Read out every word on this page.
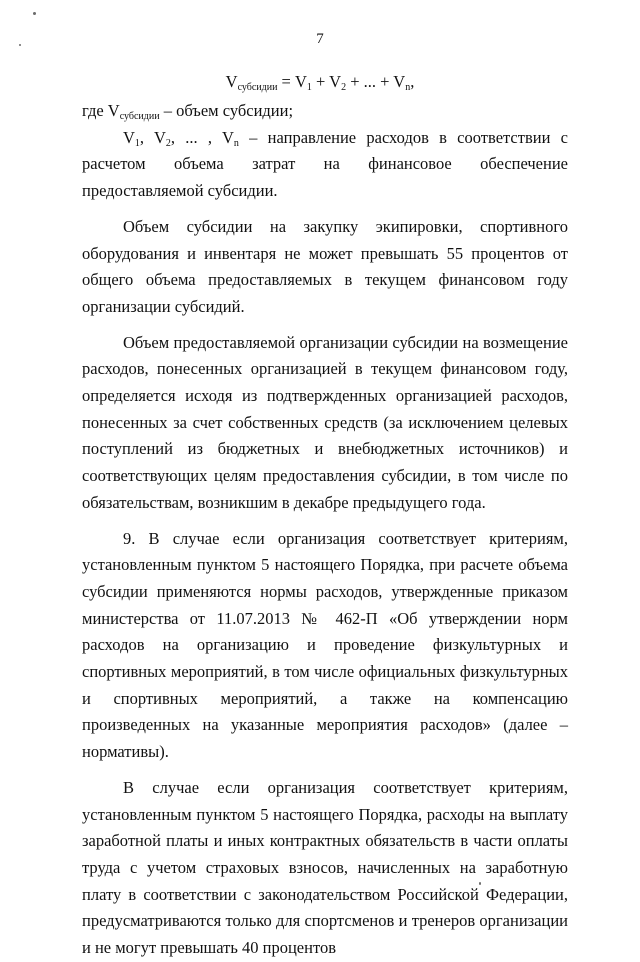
7
$V_{субсидии} = V_1 + V_2$ + ... + $V_n$,

где $V_{субсидии}$ – объем субсидии;

$V_1$, $V_2$, ... , $V_n$ – направление расходов в соответствии с расчетом объема затрат на финансовое обеспечение предоставляемой субсидии.

Объем субсидии на закупку экипировки, спортивного оборудования и инвентаря не может превышать 55 процентов от общего объема предоставляемых в текущем финансовом году организации субсидий.

Объем предоставляемой организации субсидии на возмещение расходов, понесенных организацией в текущем финансовом году, определяется исходя из подтвержденных организацией расходов, понесенных за счет собственных средств (за исключением целевых поступлений из бюджетных и внебюджетных источников) и соответствующих целям предоставления субсидии, в том числе по обязательствам, возникшим в декабре предыдущего года.

9. В случае если организация соответствует критериям, установленным пунктом 5 настоящего Порядка, при расчете объема субсидии применяются нормы расходов, утвержденные приказом министерства от 11.07.2013 № 462-П «Об утверждении норм расходов на организацию и проведение физкультурных и спортивных мероприятий, в том числе официальных физкультурных и спортивных мероприятий, а также на компенсацию произведенных на указанные мероприятия расходов» (далее – нормативы).

В случае если организация соответствует критериям, установленным пунктом 5 настоящего Порядка, расходы на выплату заработной платы и иных контрактных обязательств в части оплаты труда с учетом страховых взносов, начисленных на заработную плату в соответствии с законодательством Российской Федерации, предусматриваются только для спортсменов и тренеров организации и не могут превышать 40 процентов
